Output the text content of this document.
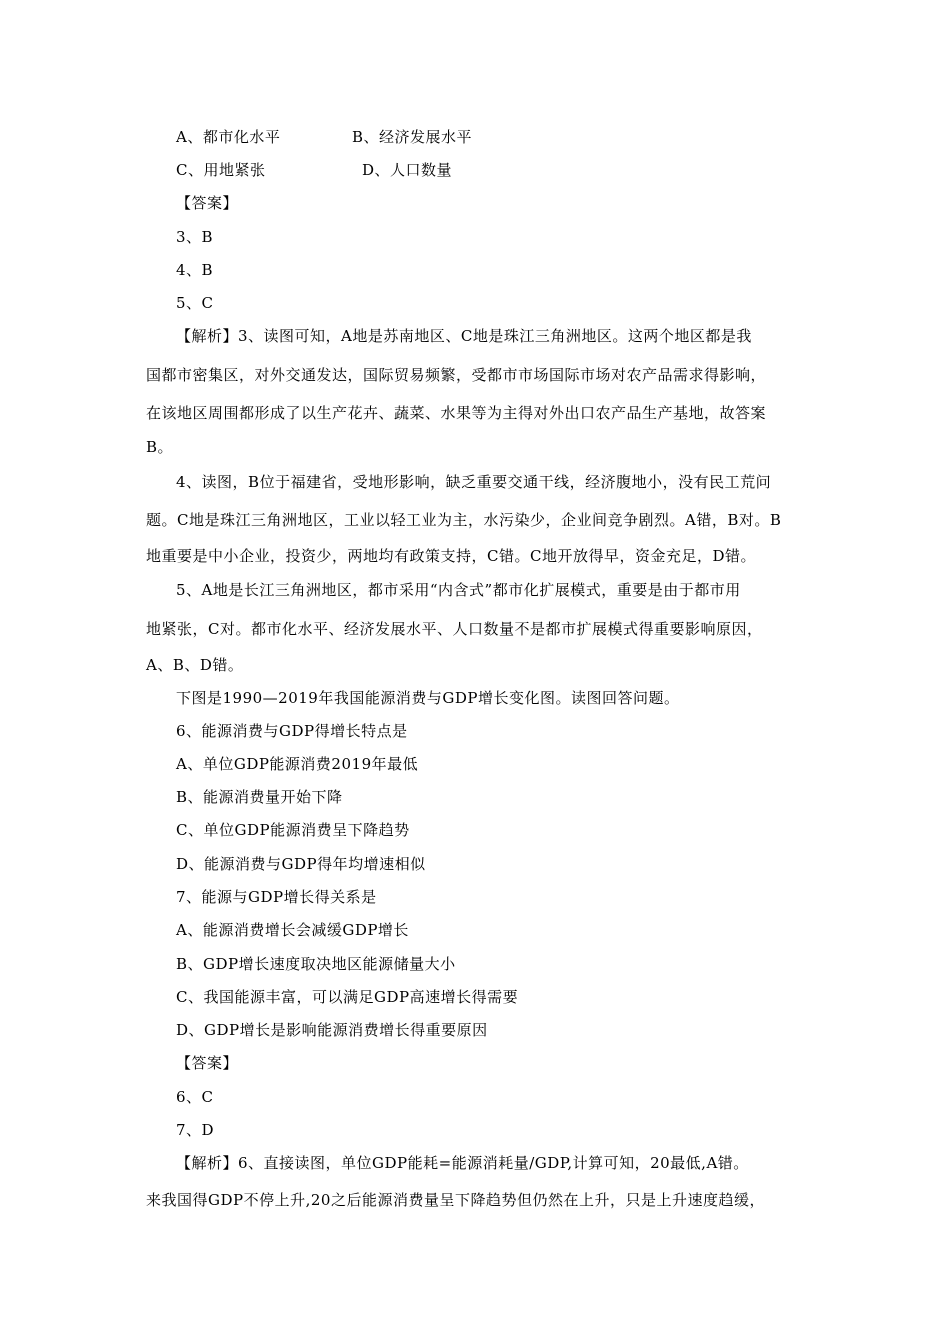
A、都市化水平	B、经济发展水平
C、用地紧张	D、人口数量
【答案】
3、B
4、B
5、C
【解析】3、读图可知，A地是苏南地区、C地是珠江三角洲地区。这两个地区都是我
国都市密集区，对外交通发达，国际贸易频繁，受都市市场国际市场对农产品需求得影响，
在该地区周围都形成了以生产花卉、蔬菜、水果等为主得对外出口农产品生产基地，故答案
B。
4、读图，B位于福建省，受地形影响，缺乏重要交通干线，经济腹地小，没有民工荒问
题。C地是珠江三角洲地区，工业以轻工业为主，水污染少，企业间竞争剧烈。A错，B对。B
地重要是中小企业，投资少，两地均有政策支持，C错。C地开放得早，资金充足，D错。
5、A地是长江三角洲地区，都市采用“内含式”都市化扩展模式，重要是由于都市用
地紧张，C对。都市化水平、经济发展水平、人口数量不是都市扩展模式得重要影响原因，
A、B、D错。
下图是1990—2019年我国能源消费与GDP增长变化图。读图回答问题。
6、能源消费与GDP得增长特点是
A、单位GDP能源消费2019年最低
B、能源消费量开始下降
C、单位GDP能源消费呈下降趋势
D、能源消费与GDP得年均增速相似
7、能源与GDP增长得关系是
A、能源消费增长会减缓GDP增长
B、GDP增长速度取决地区能源储量大小
C、我国能源丰富，可以满足GDP高速增长得需要
D、GDP增长是影响能源消费增长得重要原因
【答案】
6、C
7、D
【解析】6、直接读图，单位GDP能耗=能源消耗量/GDP,计算可知，20最低,A错。
来我国得GDP不停上升,20之后能源消费量呈下降趋势但仍然在上升，只是上升速度趋缓，
